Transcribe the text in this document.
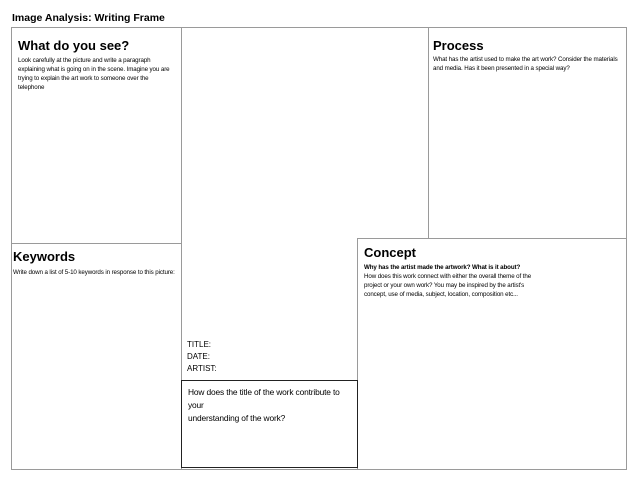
Image Analysis: Writing Frame
What do you see?
Look carefully at the picture and write a paragraph
explaining what is going on in the scene. Imagine you are
trying to explain the art work to someone over the telephone
Keywords
Write down a list of 5-10 keywords in response to this picture:
Process
What has the artist used to make the art work? Consider the materials
and media. Has it been presented in a special way?
Concept
Why has the artist made the artwork? What is it about?
How does this work connect with either the overall theme of the
project or your own work? You may be inspired by the artist's
concept, use of media, subject, location, composition etc...
TITLE:
DATE:
ARTIST:
How does the title of the work contribute to your
understanding of the work?
